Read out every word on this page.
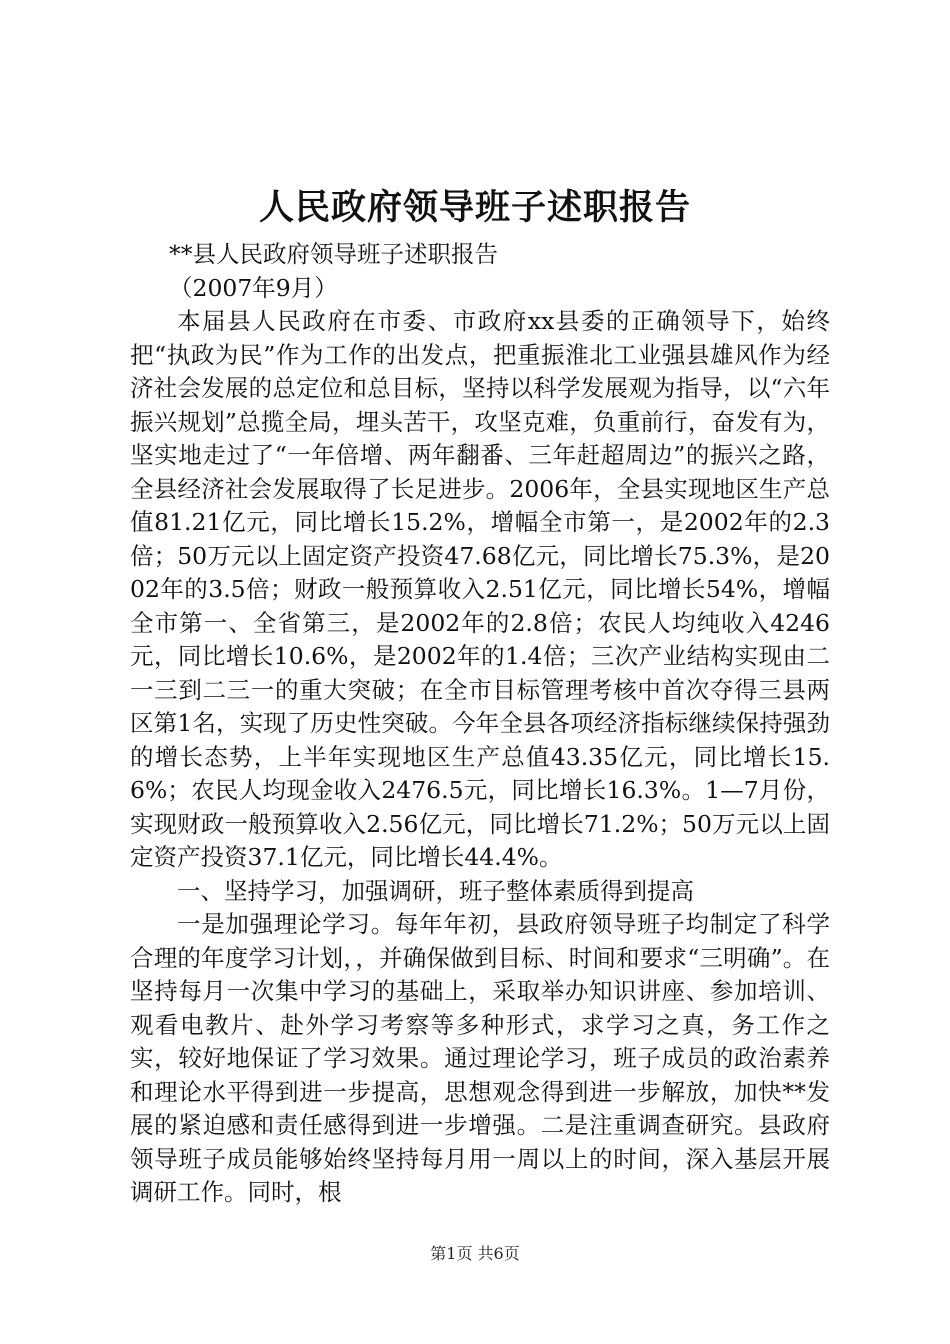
人民政府领导班子述职报告

**县人民政府领导班子述职报告

（2007年9月）

本届县人民政府在市委、市政府xx县委的正确领导下，始终把“执政为民”作为工作的出发点，把重振淮北工业强县雄风作为经济社会发展的总定位和总目标，坚持以科学发展观为指导，以“六年振兴规划”总揽全局，埋头苦干，攻坚克难，负重前行，奋发有为，坚实地走过了“一年倍增、两年翻番、三年赶超周边”的振兴之路，全县经济社会发展取得了长足进步。2006年，全县实现地区生产总值81.21亿元，同比增长15.2%，增幅全市第一，是2002年的2.3倍；50万元以上固定资产投资47.68亿元，同比增长75.3%，是2002年的3.5倍；财政一般预算收入2.51亿元，同比增长54%，增幅全市第一、全省第三，是2002年的2.8倍；农民人均纯收入4246元，同比增长10.6%，是2002年的1.4倍；三次产业结构实现由二一三到二三一的重大突破；在全市目标管理考核中首次夺得三县两区第1名，实现了历史性突破。今年全县各项经济指标继续保持强劲的增长态势，上半年实现地区生产总值43.35亿元，同比增长15.6%；农民人均现金收入2476.5元，同比增长16.3%。1—7月份，实现财政一般预算收入2.56亿元，同比增长71.2%；50万元以上固定资产投资37.1亿元，同比增长44.4%。

一、坚持学习，加强调研，班子整体素质得到提高

一是加强理论学习。每年年初，县政府领导班子均制定了科学合理的年度学习计划，，并确保做到目标、时间和要求“三明确”。在坚持每月一次集中学习的基础上，采取举办知识讲座、参加培训、观看电教片、赴外学习考察等多种形式，求学习之真，务工作之实，较好地保证了学习效果。通过理论学习，班子成员的政治素养和理论水平得到进一步提高，思想观念得到进一步解放，加快**发展的紧迫感和责任感得到进一步增强。二是注重调查研究。县政府领导班子成员能够始终坚持每月用一周以上的时间，深入基层开展调研工作。同时，根

第1页 共6页
